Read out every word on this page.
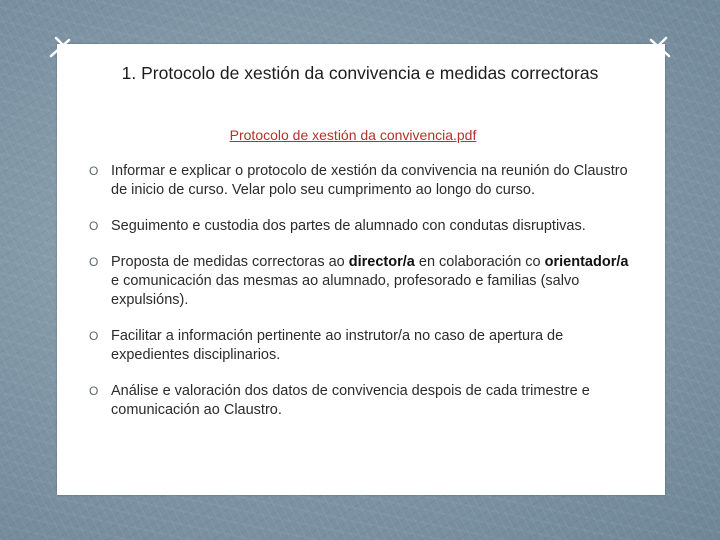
1. Protocolo de xestión da convivencia e medidas correctoras
Protocolo de xestión da convivencia.pdf
O Informar e explicar o protocolo de xestión da convivencia na reunión do Claustro de inicio de curso. Velar polo seu cumprimento ao longo do curso.
O Seguimento e custodia dos partes de alumnado con condutas disruptivas.
O Proposta de medidas correctoras ao director/a en colaboración co orientador/a e comunicación das mesmas ao alumnado, profesorado e familias (salvo expulsións).
O Facilitar a información pertinente ao instrutor/a no caso de apertura de expedientes disciplinarios.
O Análise e valoración dos datos de convivencia despois de cada trimestre e comunicación ao Claustro.
